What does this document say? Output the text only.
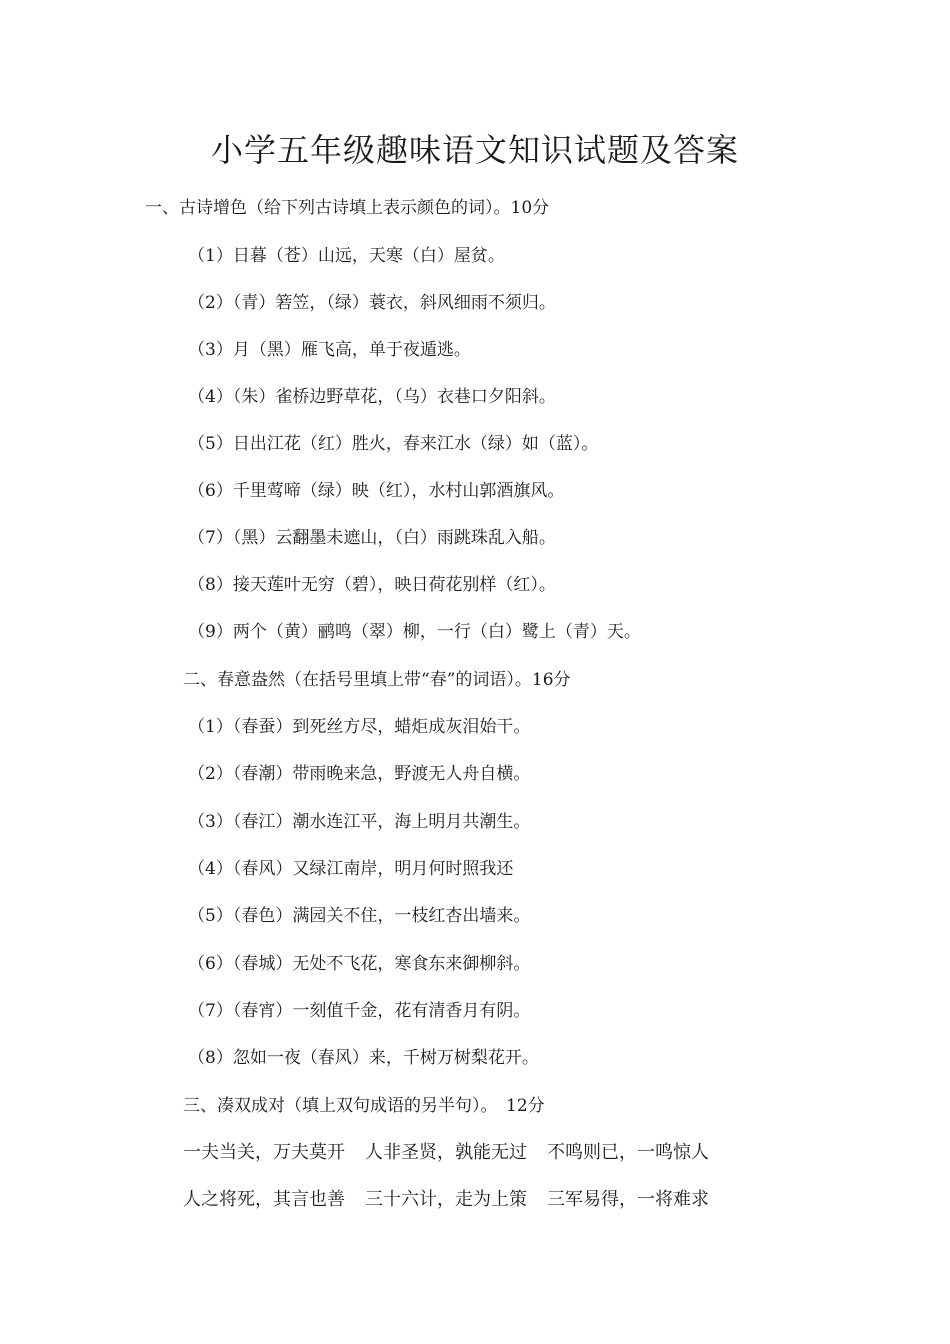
小学五年级趣味语文知识试题及答案
一、古诗增色（给下列古诗填上表示颜色的词）。10分
（1）日暮（苍）山远，天寒（白）屋贫。
（2）（青）箬笠，（绿）蓑衣，斜风细雨不须归。
（3）月（黑）雁飞高，单于夜遁逃。
（4）（朱）雀桥边野草花，（乌）衣巷口夕阳斜。
（5）日出江花（红）胜火，春来江水（绿）如（蓝）。
（6）千里莺啼（绿）映（红），水村山郭酒旗风。
（7）（黑）云翻墨未遮山，（白）雨跳珠乱入船。
（8）接天莲叶无穷（碧），映日荷花别样（红）。
（9）两个（黄）鹂鸣（翠）柳，一行（白）鹭上（青）天。
二、春意盎然（在括号里填上带“春”的词语）。16分
（1）（春蚕）到死丝方尽，蜡炬成灰泪始干。
（2）（春潮）带雨晚来急，野渡无人舟自横。
（3）（春江）潮水连江平，海上明月共潮生。
（4）（春风）又绿江南岸，明月何时照我还
（5）（春色）满园关不住，一枝红杏出墙来。
（6）（春城）无处不飞花，寒食东来御柳斜。
（7）（春宵）一刻值千金，花有清香月有阴。
（8）忽如一夜（春风）来，千树万树梨花开。
三、凑双成对（填上双句成语的另半句）。　12分
一夫当关，万夫莫开 人非圣贤，孰能无过 不鸣则已，一鸣惊人
人之将死，其言也善 三十六计，走为上策 三军易得，一将难求
